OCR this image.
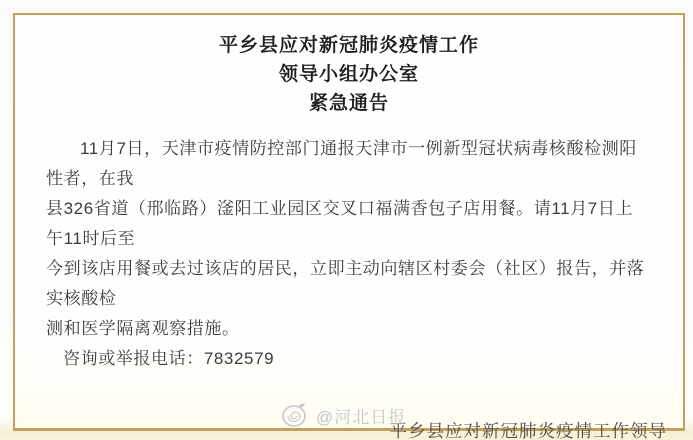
平乡县应对新冠肺炎疫情工作
领导小组办公室
紧急通告
11月7日，天津市疫情防控部门通报天津市一例新型冠状病毒核酸检测阳性者，在我
县326省道（邢临路）滏阳工业园区交叉口福满香包子店用餐。请11月7日上午11时后至
今到该店用餐或去过该店的居民，立即主动向辖区村委会（社区）报告，并落实核酸检
测和医学隔离观察措施。
咨询或举报电话：7832579
平乡县应对新冠肺炎疫情工作领导
@河北日报
